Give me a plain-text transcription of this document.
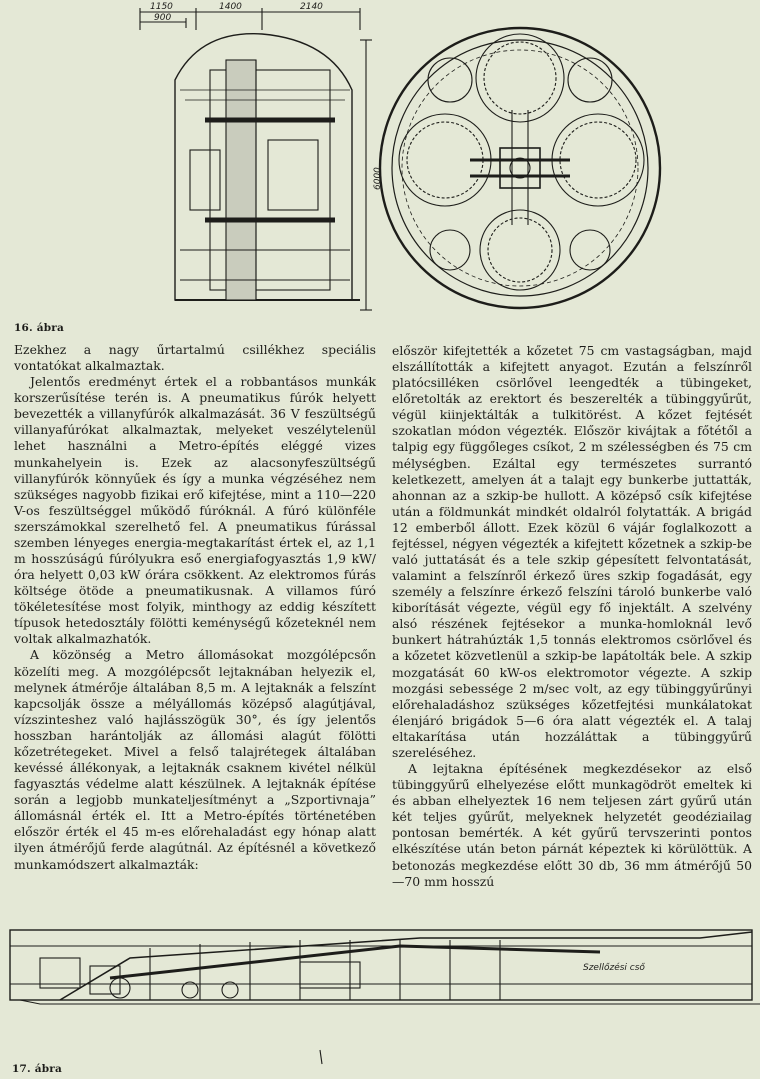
1150
900
1400	2140
6000
16. ábra

Ezekhez a nagy űrtartalmú csillékhez speciális vontatókat alkalmaztak.

Jelentős eredményt értek el a robbantásos munkák korszerűsítése terén is. A pneumatikus fúrók helyett bevezették a villanyfúrók alkalmazását. 36 V feszültségű villanyafúrókat alkalmaztak, melyeket veszélytelenül lehet használni a Metro-építés eléggé vizes munkahelyein is. Ezek az alacsonyfeszültségű villanyfúrók könnyűek és így a munka végzéséhez nem szükséges nagyobb fizikai erő kifejtése, mint a 110—220 V-os feszültséggel működő fúróknál. A fúró különféle szerszámokkal szerelhető fel. A pneumatikus fúrással szemben lényeges energia-megtakarítást értek el, az 1,1 m hosszúságú fúrólyukra eső energiafogyasztás 1,9 kW/óra helyett 0,03 kW órára csökkent. Az elektromos fúrás költsége ötöde a pneumatikusnak. A villamos fúró tökéletesítése most folyik, minthogy az eddig készített típusok hetedosztály fölötti keménységű kőzeteknél nem voltak alkalmazhatók.

A közönség a Metro állomásokat mozgólépcsőn közelíti meg. A mozgólépcsőt lejtaknában helyezik el, melynek átmérője általában 8,5 m. A lejtaknák a felszínt kapcsolják össze a mélyállomás középső alagútjával, vízszinteshez való hajlásszögük 30°, és így jelentős hosszban harántolják az állomási alagút fölötti kőzetrétegeket. Mivel a felső talajrétegek általában kevéssé állékonyak, a lejtaknák csaknem kivétel nélkül fagyasztás védelme alatt készülnek. A lejtaknák építése során a legjobb munkateljesítményt a „Szportivnaja” állomásnál érték el. Itt a Metro-építés történetében először érték el 45 m-es előrehaladást egy hónap alatt ilyen átmérőjű ferde alagútnál. Az építésnél a következő munkamódszert alkalmazták:

először kifejtették a kőzetet 75 cm vastagságban, majd elszállították a kifejtett anyagot. Ezután a felszínről platócsilléken csörlővel leengedték a tübingeket, előretolták az erektort és beszerelték a tübinggyűrűt, végül kiinjektálták a tulkitörést. A kőzet fejtését szokatlan módon végezték. Először kivájtak a főtétől a talpig egy függőleges csíkot, 2 m szélességben és 75 cm mélységben. Ezáltal egy természetes surrantó keletkezett, amelyen át a talajt egy bunkerbe juttatták, ahonnan az a szkip-be hullott. A középső csík kifejtése után a földmunkát mindkét oldalról folytatták. A brigád 12 emberből állott. Ezek közül 6 vájár foglalkozott a fejtéssel, négyen végezték a kifejtett kőzetnek a szkip-be való juttatását és a tele szkip gépesített felvontatását, valamint a felszínről érkező üres szkip fogadását, egy személy a felszínre érkező felszíni tároló bunkerbe való kiborítását végezte, végül egy fő injektált. A szelvény alsó részének fejtésekor a munka-homloknál levő bunkert hátrahúzták 1,5 tonnás elektromos csörlővel és a kőzetet közvetlenül a szkip-be lapátolták bele. A szkip mozgatását 60 kW-os elektromotor végezte. A szkip mozgási sebessége 2 m/sec volt, az egy tübinggyűrűnyi előrehaladáshoz szükséges kőzetfejtési munkálatokat élenjáró brigádok 5—6 óra alatt végezték el. A talaj eltakarítása után hozzáláttak a tübinggyűrű szereléséhez.

A lejtakna építésének megkezdésekor az első tübinggyűrű elhelyezése előtt munkagödröt emeltek ki és abban elhelyeztek 16 nem teljesen zárt gyűrű után két teljes gyűrűt, melyeknek helyzetét geodéziailag pontosan bemérték. A két gyűrű tervszerinti pontos elkészítése után beton párnát képeztek ki körülöttük. A betonozás megkezdése előtt 30 db, 36 mm átmérőjű 50—70 mm hosszú

Szellőzési cső
17. ábra
